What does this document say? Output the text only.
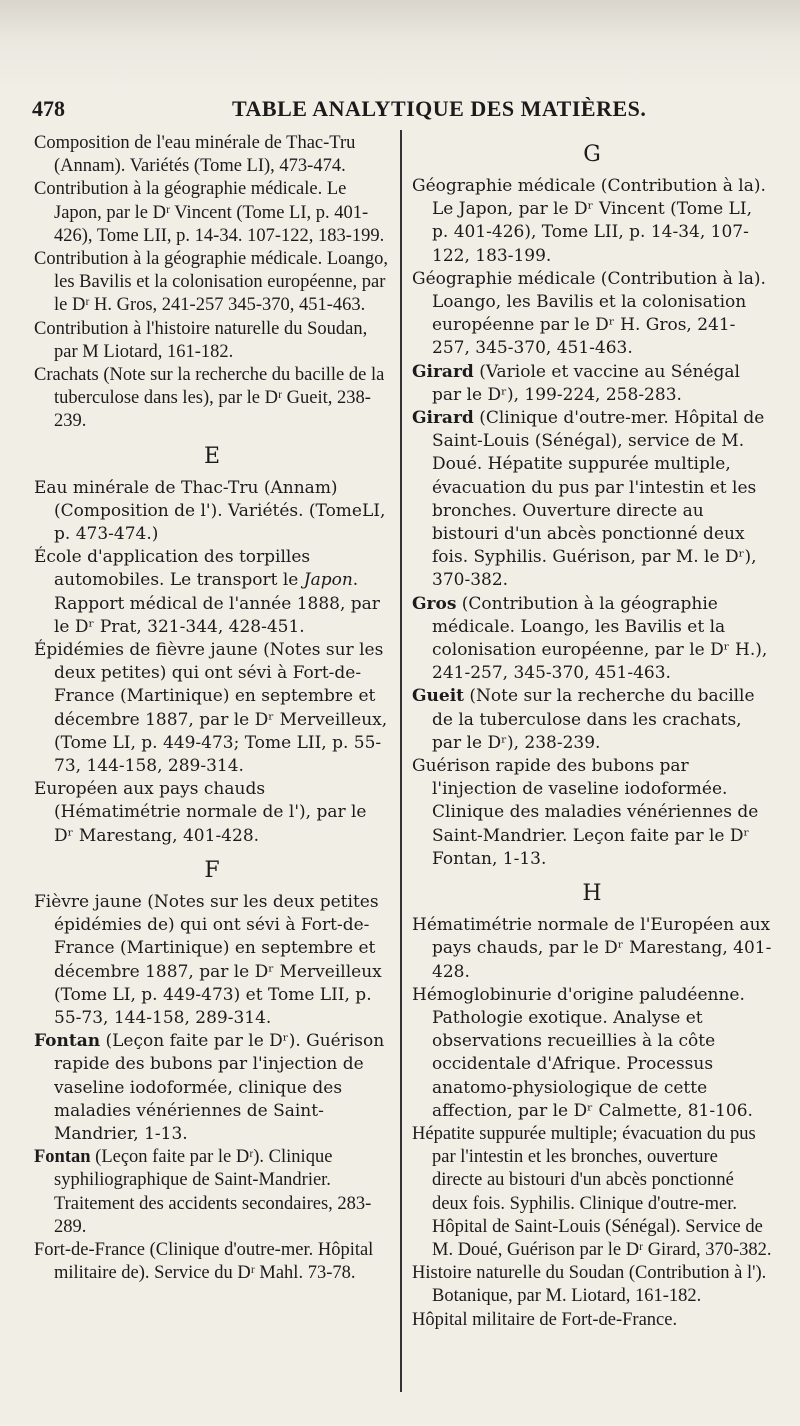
478	TABLE ANALYTIQUE DES MATIÈRES.

Composition de l'eau minérale de Thac-Tru (Annam). Variétés (Tome LI), 473-474.

Contribution à la géographie médicale. Le Japon, par le Dʳ Vincent (Tome LI, p. 401-426), Tome LII, p. 14-34. 107-122, 183-199.

Contribution à la géographie médicale. Loango, les Bavilis et la colonisation européenne, par le Dʳ H. Gros, 241-257 345-370, 451-463.

Contribution à l'histoire naturelle du Soudan, par M Liotard, 161-182.

Crachats (Note sur la recherche du bacille de la tuberculose dans les), par le Dʳ Gueit, 238-239.

E

Eau minérale de Thac-Tru (Annam) (Composition de l'). Variétés. (TomeLI, p. 473-474.)

École d'application des torpilles automobiles. Le transport le Japon. Rapport médical de l'année 1888, par le Dʳ Prat, 321-344, 428-451.

Épidémies de fièvre jaune (Notes sur les deux petites) qui ont sévi à Fort-de-France (Martinique) en septembre et décembre 1887, par le Dʳ Merveilleux, (Tome LI, p. 449-473; Tome LII, p. 55-73, 144-158, 289-314.

Européen aux pays chauds (Hématimétrie normale de l'), par le Dʳ Marestang, 401-428.

F

Fièvre jaune (Notes sur les deux petites épidémies de) qui ont sévi à Fort-de-France (Martinique) en septembre et décembre 1887, par le Dʳ Merveilleux (Tome LI, p. 449-473) et Tome LII, p. 55-73, 144-158, 289-314.

Fontan (Leçon faite par le Dʳ). Guérison rapide des bubons par l'injection de vaseline iodoformée, clinique des maladies vénériennes de Saint-Mandrier, 1-13.

Fontan (Leçon faite par le Dʳ). Clinique syphiliographique de Saint-Mandrier. Traitement des accidents secondaires, 283-289.

Fort-de-France (Clinique d'outre-mer. Hôpital militaire de). Service du Dʳ Mahl. 73-78.

G

Géographie médicale (Contribution à la). Le Japon, par le Dʳ Vincent (Tome LI, p. 401-426), Tome LII, p. 14-34, 107-122, 183-199.

Géographie médicale (Contribution à la). Loango, les Bavilis et la colonisation européenne par le Dʳ H. Gros, 241-257, 345-370, 451-463.

Girard (Variole et vaccine au Sénégal par le Dʳ), 199-224, 258-283.

Girard (Clinique d'outre-mer. Hôpital de Saint-Louis (Sénégal), service de M. Doué. Hépatite suppurée multiple, évacuation du pus par l'intestin et les bronches. Ouverture directe au bistouri d'un abcès ponctionné deux fois. Syphilis. Guérison, par M. le Dʳ), 370-382.

Gros (Contribution à la géographie médicale. Loango, les Bavilis et la colonisation européenne, par le Dʳ H.), 241-257, 345-370, 451-463.

Gueit (Note sur la recherche du bacille de la tuberculose dans les crachats, par le Dʳ), 238-239.

Guérison rapide des bubons par l'injection de vaseline iodoformée. Clinique des maladies vénériennes de Saint-Mandrier. Leçon faite par le Dʳ Fontan, 1-13.

H

Hématimétrie normale de l'Européen aux pays chauds, par le Dʳ Marestang, 401-428.

Hémoglobinurie d'origine paludéenne. Pathologie exotique. Analyse et observations recueillies à la côte occidentale d'Afrique. Processus anatomo-physiologique de cette affection, par le Dʳ Calmette, 81-106.

Hépatite suppurée multiple; évacuation du pus par l'intestin et les bronches, ouverture directe au bistouri d'un abcès ponctionné deux fois. Syphilis. Clinique d'outre-mer. Hôpital de Saint-Louis (Sénégal). Service de M. Doué, Guérison par le Dʳ Girard, 370-382.

Histoire naturelle du Soudan (Contribution à l'). Botanique, par M. Liotard, 161-182.

Hôpital militaire de Fort-de-France.
